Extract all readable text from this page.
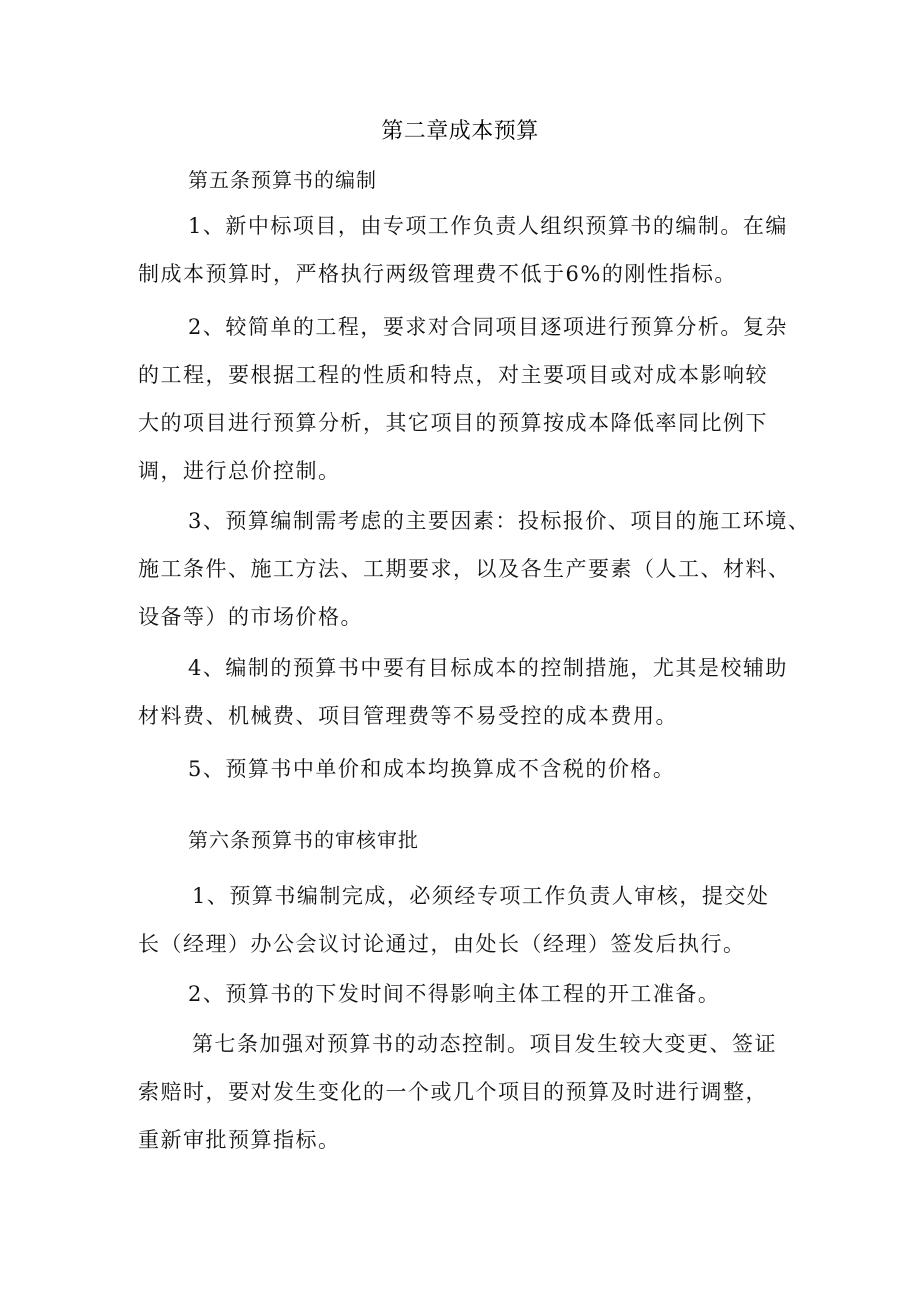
第二章成本预算
第五条预算书的编制
1、新中标项目，由专项工作负责人组织预算书的编制。在编
制成本预算时，严格执行两级管理费不低于6%的刚性指标。
2、较简单的工程，要求对合同项目逐项进行预算分析。复杂
的工程，要根据工程的性质和特点，对主要项目或对成本影响较
大的项目进行预算分析，其它项目的预算按成本降低率同比例下
调，进行总价控制。
3、预算编制需考虑的主要因素：投标报价、项目的施工环境、
施工条件、施工方法、工期要求，以及各生产要素（人工、材料、
设备等）的市场价格。
4、编制的预算书中要有目标成本的控制措施，尤其是校辅助
材料费、机械费、项目管理费等不易受控的成本费用。
5、预算书中单价和成本均换算成不含税的价格。
第六条预算书的审核审批
1、预算书编制完成，必须经专项工作负责人审核，提交处
长（经理）办公会议讨论通过，由处长（经理）签发后执行。
2、预算书的下发时间不得影响主体工程的开工准备。
第七条加强对预算书的动态控制。项目发生较大变更、签证
索赔时，要对发生变化的一个或几个项目的预算及时进行调整，
重新审批预算指标。
